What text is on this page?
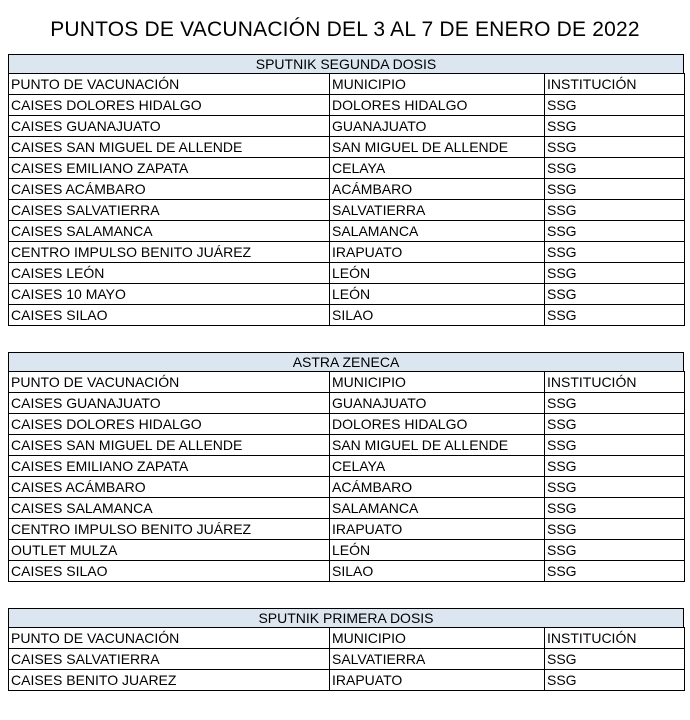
PUNTOS DE VACUNACIÓN DEL 3 AL 7 DE ENERO DE 2022
SPUTNIK SEGUNDA DOSIS
PUNTO DE VACUNACIÓN	MUNICIPIO	INSTITUCIÓN
CAISES DOLORES HIDALGO	DOLORES HIDALGO	SSG
CAISES GUANAJUATO	GUANAJUATO	SSG
CAISES SAN MIGUEL DE ALLENDE	SAN MIGUEL DE ALLENDE	SSG
CAISES EMILIANO ZAPATA	CELAYA	SSG
CAISES ACÁMBARO	ACÁMBARO	SSG
CAISES SALVATIERRA	SALVATIERRA	SSG
CAISES SALAMANCA	SALAMANCA	SSG
CENTRO IMPULSO BENITO JUÁREZ	IRAPUATO	SSG
CAISES LEÓN	LEÓN	SSG
CAISES 10 MAYO	LEÓN	SSG
CAISES SILAO	SILAO	SSG
ASTRA ZENECA
PUNTO DE VACUNACIÓN	MUNICIPIO	INSTITUCIÓN
CAISES GUANAJUATO	GUANAJUATO	SSG
CAISES DOLORES HIDALGO	DOLORES HIDALGO	SSG
CAISES SAN MIGUEL DE ALLENDE	SAN MIGUEL DE ALLENDE	SSG
CAISES EMILIANO ZAPATA	CELAYA	SSG
CAISES ACÁMBARO	ACÁMBARO	SSG
CAISES SALAMANCA	SALAMANCA	SSG
CENTRO IMPULSO BENITO JUÁREZ	IRAPUATO	SSG
OUTLET MULZA	LEÓN	SSG
CAISES SILAO	SILAO	SSG
SPUTNIK PRIMERA DOSIS
PUNTO DE VACUNACIÓN	MUNICIPIO	INSTITUCIÓN
CAISES SALVATIERRA	SALVATIERRA	SSG
CAISES BENITO JUAREZ	IRAPUATO	SSG
